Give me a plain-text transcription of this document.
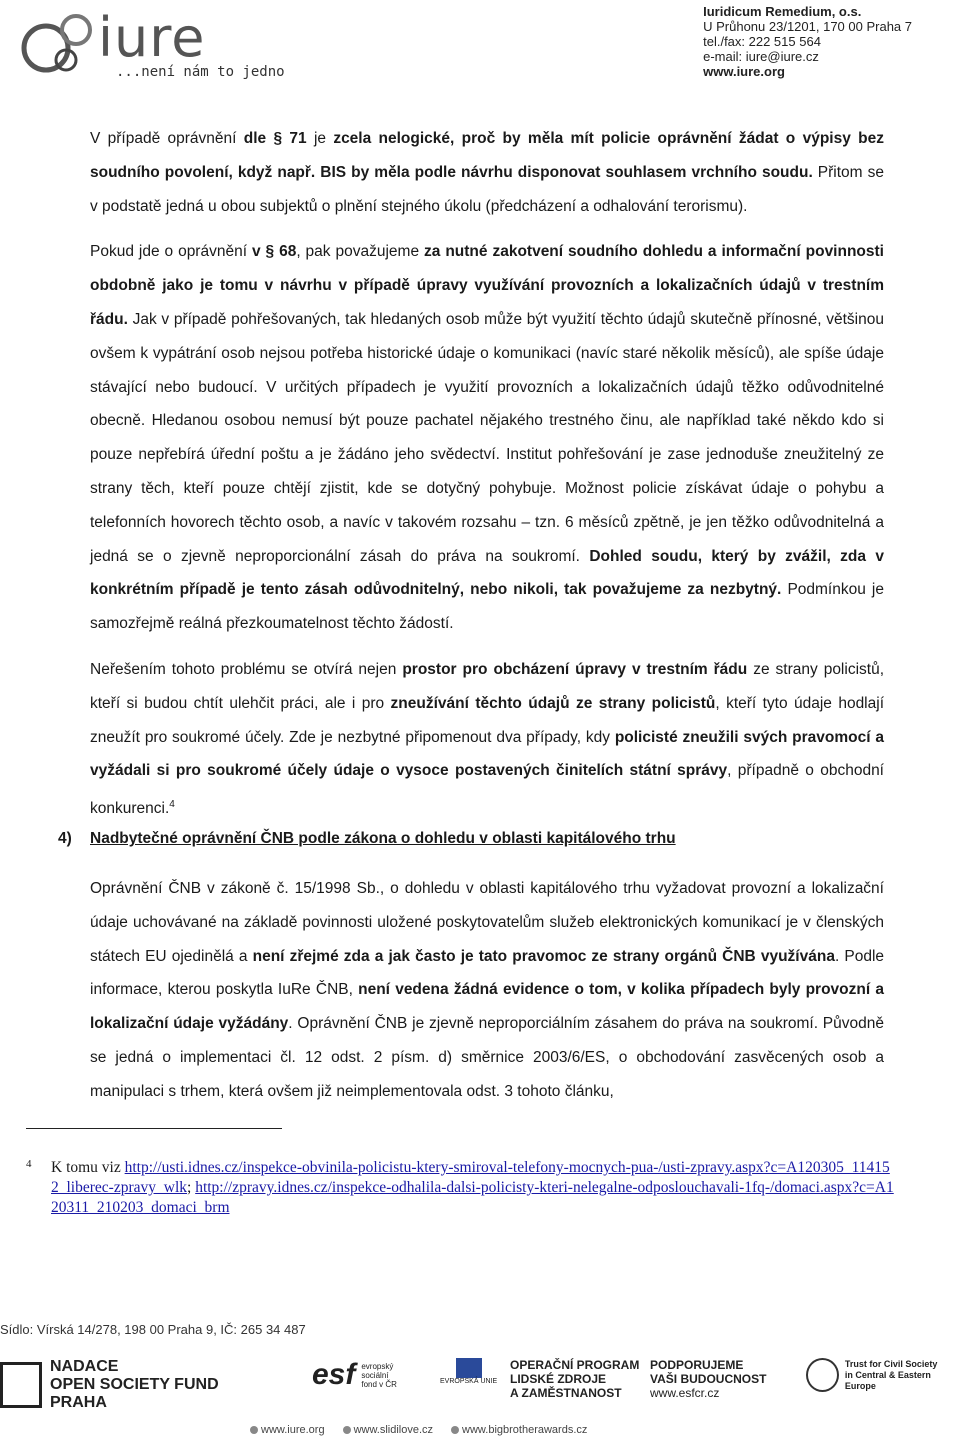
iure
...není nám to jedno
Iuridicum Remedium, o.s.
U Průhonu 23/1201, 170 00 Praha 7
tel./fax: 222 515 564
e-mail: iure@iure.cz
www.iure.org

V případě oprávnění dle § 71 je zcela nelogické, proč by měla mít policie oprávnění žádat o výpisy bez soudního povolení, když např. BIS by měla podle návrhu disponovat souhlasem vrchního soudu. Přitom se v podstatě jedná u obou subjektů o plnění stejného úkolu (předcházení a odhalování terorismu).

Pokud jde o oprávnění v § 68, pak považujeme za nutné zakotvení soudního dohledu a informační povinnosti obdobně jako je tomu v návrhu v případě úpravy využívání provozních a lokalizačních údajů v trestním řádu. Jak v případě pohřešovaných, tak hledaných osob může být využití těchto údajů skutečně přínosné, většinou ovšem k vypátrání osob nejsou potřeba historické údaje o komunikaci (navíc staré několik měsíců), ale spíše údaje stávající nebo budoucí. V určitých případech je využití provozních a lokalizačních údajů těžko odůvodnitelné obecně. Hledanou osobou nemusí být pouze pachatel nějakého trestného činu, ale například také někdo kdo si pouze nepřebírá úřední poštu a je žádáno jeho svědectví. Institut pohřešování je zase jednoduše zneužitelný ze strany těch, kteří pouze chtějí zjistit, kde se dotyčný pohybuje. Možnost policie získávat údaje o pohybu a telefonních hovorech těchto osob, a navíc v takovém rozsahu – tzn. 6 měsíců zpětně, je jen těžko odůvodnitelná a jedná se o zjevně neproporcionální zásah do práva na soukromí. Dohled soudu, který by zvážil, zda v konkrétním případě je tento zásah odůvodnitelný, nebo nikoli, tak považujeme za nezbytný. Podmínkou je samozřejmě reálná přezkoumatelnost těchto žádostí.

Neřešením tohoto problému se otvírá nejen prostor pro obcházení úpravy v trestním řádu ze strany policistů, kteří si budou chtít ulehčit práci, ale i pro zneužívání těchto údajů ze strany policistů, kteří tyto údaje hodlají zneužít pro soukromé účely. Zde je nezbytné připomenout dva případy, kdy policisté zneužili svých pravomocí a vyžádali si pro soukromé účely údaje o vysoce postavených činitelích státní správy, případně o obchodní konkurenci.$^4$

4) Nadbytečné oprávnění ČNB podle zákona o dohledu v oblasti kapitálového trhu

Oprávnění ČNB v zákoně č. 15/1998 Sb., o dohledu v oblasti kapitálového trhu vyžadovat provozní a lokalizační údaje uchovávané na základě povinnosti uložené poskytovatelům služeb elektronických komunikací je v členských státech EU ojedinělá a není zřejmé zda a jak často je tato pravomoc ze strany orgánů ČNB využívána. Podle informace, kterou poskytla IuRe ČNB, není vedena žádná evidence o tom, v kolika případech byly provozní a lokalizační údaje vyžádány. Oprávnění ČNB je zjevně neproporciálním zásahem do práva na soukromí. Původně se jedná o implementaci čl. 12 odst. 2 písm. d) směrnice 2003/6/ES, o obchodování zasvěcených osob a manipulaci s trhem, která ovšem již neimplementovala odst. 3 tohoto článku,

4 K tomu viz http://usti.idnes.cz/inspekce-obvinila-policistu-ktery-smiroval-telefony-mocnych-pua-/usti-zpravy.aspx?c=A120305_114152_liberec-zpravy_wlk; http://zpravy.idnes.cz/inspekce-odhalila-dalsi-policisty-kteri-nelegalne-odposlouchavali-1fq-/domaci.aspx?c=A120311_210203_domaci_brm
Sídlo: Vírská 14/278, 198 00 Praha 9, IČ: 265 34 487
NADACE
OPEN SOCIETY FUND
PRAHA
esf evropský
sociální
fond v ČR	EVROPSKÁ UNIE
OPERAČNÍ PROGRAM
LIDSKÉ ZDROJE
A ZAMĚSTNANOST
PODPORUJEME
VAŠI BUDOUCNOST
www.esfcr.cz
Trust for Civil Society
in Central & Eastern Europe
www.iure.org	www.slidilove.cz	www.bigbrotherawards.cz
